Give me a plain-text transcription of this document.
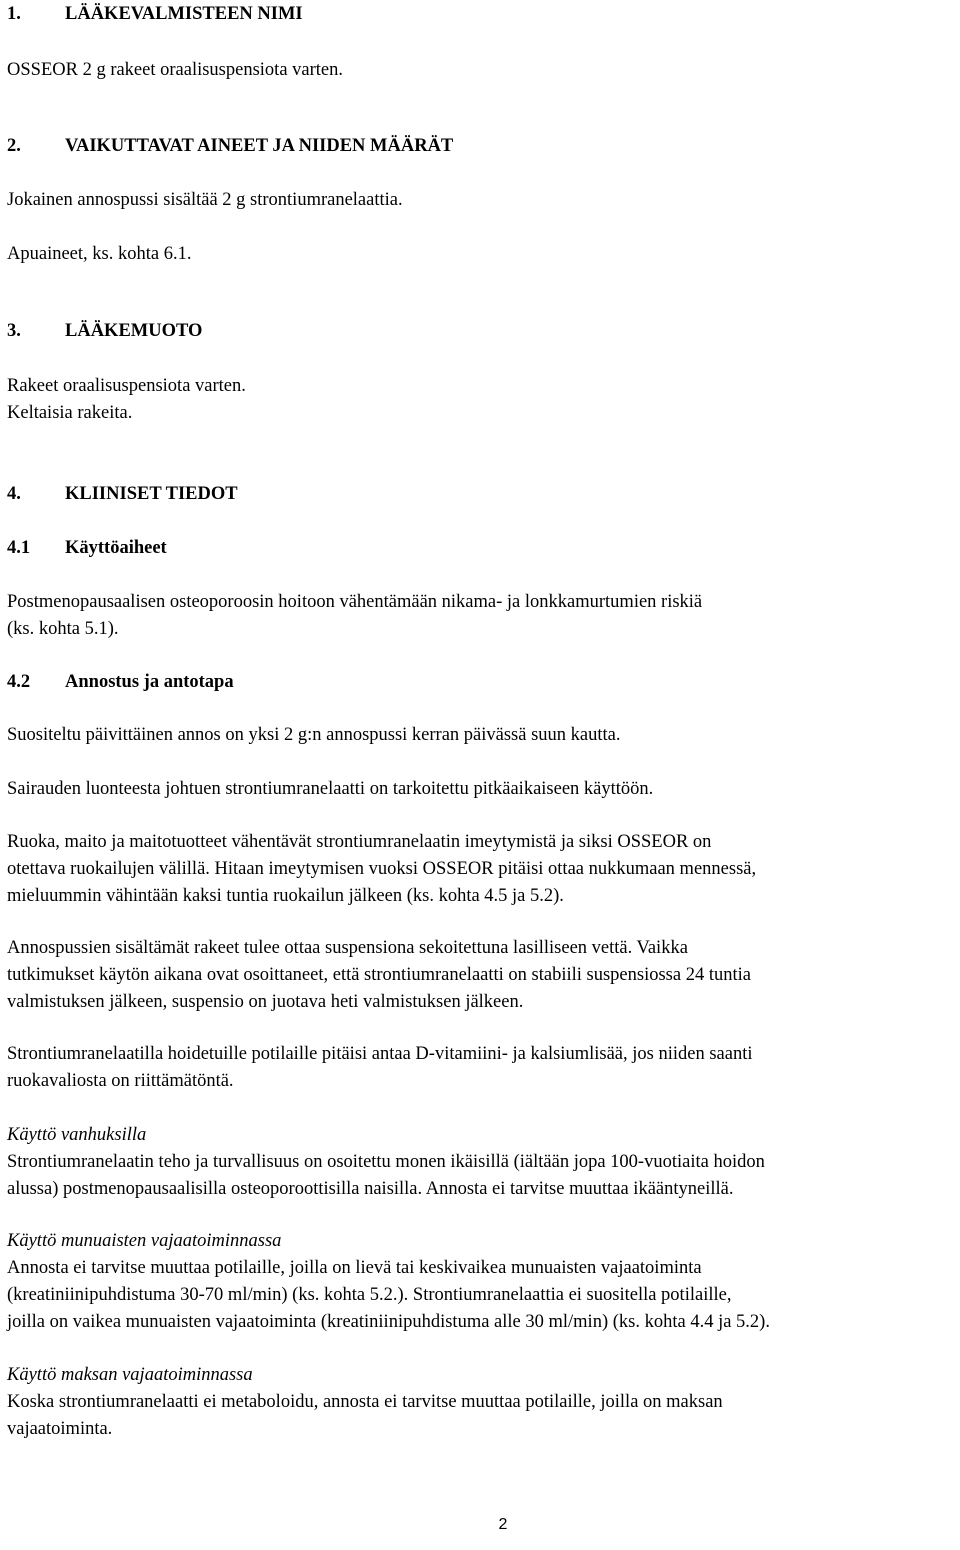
1. LÄÄKEVALMISTEEN NIMI

OSSEOR 2 g rakeet oraalisuspensiota varten.

2. VAIKUTTAVAT AINEET JA NIIDEN MÄÄRÄT

Jokainen annospussi sisältää 2 g strontiumranelaattia.

Apuaineet, ks. kohta 6.1.

3. LÄÄKEMUOTO

Rakeet oraalisuspensiota varten.
Keltaisia rakeita.

4. KLIINISET TIEDOT
4.1 Käyttöaiheet

Postmenopausaalisen osteoporoosin hoitoon vähentämään nikama- ja lonkkamurtumien riskiä
(ks. kohta 5.1).

4.2 Annostus ja antotapa

Suositeltu päivittäinen annos on yksi 2 g:n annospussi kerran päivässä suun kautta.

Sairauden luonteesta johtuen strontiumranelaatti on tarkoitettu pitkäaikaiseen käyttöön.

Ruoka, maito ja maitotuotteet vähentävät strontiumranelaatin imeytymistä ja siksi OSSEOR on
otettava ruokailujen välillä. Hitaan imeytymisen vuoksi OSSEOR pitäisi ottaa nukkumaan mennessä,
mieluummin vähintään kaksi tuntia ruokailun jälkeen (ks. kohta 4.5 ja 5.2).

Annospussien sisältämät rakeet tulee ottaa suspensiona sekoitettuna lasilliseen vettä. Vaikka
tutkimukset käytön aikana ovat osoittaneet, että strontiumranelaatti on stabiili suspensiossa 24 tuntia
valmistuksen jälkeen, suspensio on juotava heti valmistuksen jälkeen.

Strontiumranelaatilla hoidetuille potilaille pitäisi antaa D-vitamiini- ja kalsiumlisää, jos niiden saanti
ruokavaliosta on riittämätöntä.

Käyttö vanhuksilla
Strontiumranelaatin teho ja turvallisuus on osoitettu monen ikäisillä (iältään jopa 100-vuotiaita hoidon
alussa) postmenopausaalisilla osteoporoottisilla naisilla. Annosta ei tarvitse muuttaa ikääntyneillä.

Käyttö munuaisten vajaatoiminnassa
Annosta ei tarvitse muuttaa potilaille, joilla on lievä tai keskivaikea munuaisten vajaatoiminta
(kreatiniinipuhdistuma 30-70 ml/min) (ks. kohta 5.2.). Strontiumranelaattia ei suositella potilaille,
joilla on vaikea munuaisten vajaatoiminta (kreatiniinipuhdistuma alle 30 ml/min) (ks. kohta 4.4 ja 5.2).

Käyttö maksan vajaatoiminnassa
Koska strontiumranelaatti ei metaboloidu, annosta ei tarvitse muuttaa potilaille, joilla on maksan
vajaatoiminta.

2
